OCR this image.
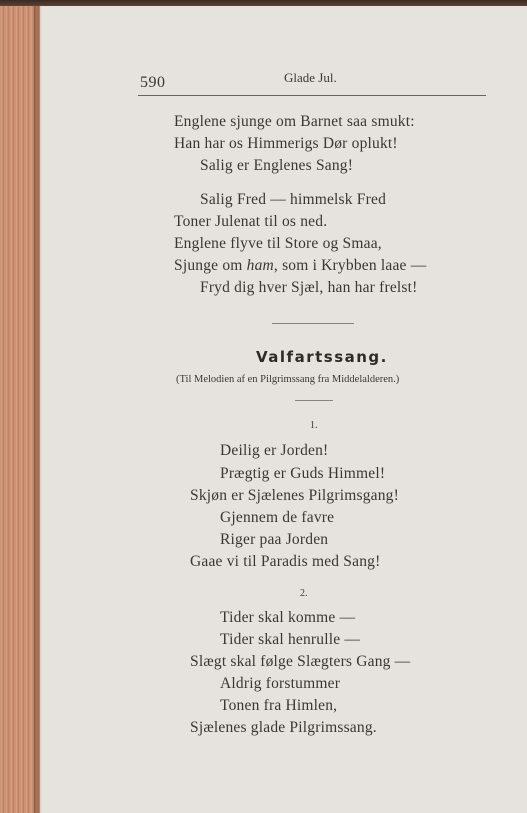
590	Glade Jul.
Englene sjunge om Barnet saa smukt:
Han har os Himmerigs Dør oplukt!
Salig er Englenes Sang!
Salig Fred — himmelsk Fred
Toner Julenat til os ned.
Englene flyve til Store og Smaa,
Sjunge om ham, som i Krybben laae —
Fryd dig hver Sjæl, han har frelst!
Valfartssang.
(Til Melodien af en Pilgrimssang fra Middelalderen.)
1.
Deilig er Jorden!
Prægtig er Guds Himmel!
Skjøn er Sjælenes Pilgrimsgang!
Gjennem de favre
Riger paa Jorden
Gaae vi til Paradis med Sang!
2.
Tider skal komme —
Tider skal henrulle —
Slægt skal følge Slægters Gang —
Aldrig forstummer
Tonen fra Himlen,
Sjælenes glade Pilgrimssang.
